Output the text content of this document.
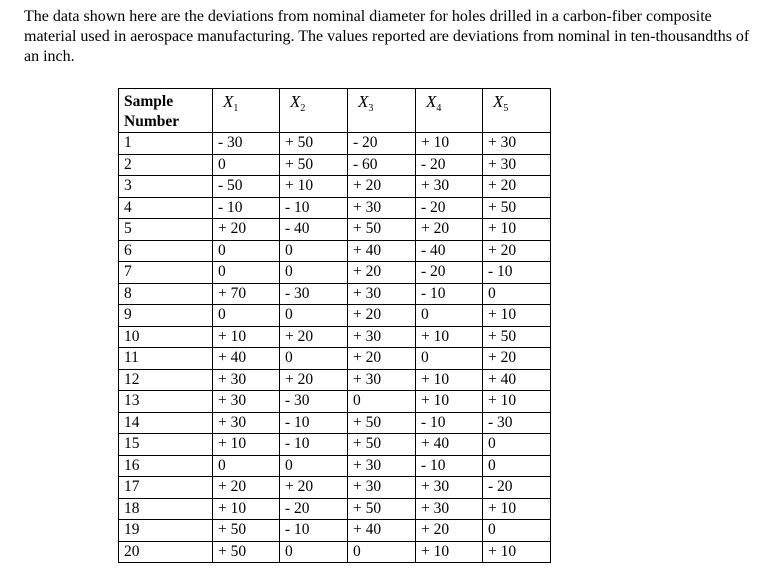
The data shown here are the deviations from nominal diameter for holes drilled in a carbon-fiber composite material used in aerospace manufacturing. The values reported are deviations from nominal in ten-thousandths of an inch.

Sample
Number	$X_1$	$X_2$	$X_3$	$X_4$	$X_5$
1	- 30	+ 50	- 20	+ 10	+ 30
2	0	+ 50	- 60	- 20	+ 30
3	- 50	+ 10	+ 20	+ 30	+ 20
4	- 10	- 10	+ 30	- 20	+ 50
5	+ 20	- 40	+ 50	+ 20	+ 10
6	0	0	+ 40	- 40	+ 20
7	0	0	+ 20	- 20	- 10
8	+ 70	- 30	+ 30	- 10	0
9	0	0	+ 20	0	+ 10
10	+ 10	+ 20	+ 30	+ 10	+ 50
11	+ 40	0	+ 20	0	+ 20
12	+ 30	+ 20	+ 30	+ 10	+ 40
13	+ 30	- 30	0	+ 10	+ 10
14	+ 30	- 10	+ 50	- 10	- 30
15	+ 10	- 10	+ 50	+ 40	0
16	0	0	+ 30	- 10	0
17	+ 20	+ 20	+ 30	+ 30	- 20
18	+ 10	- 20	+ 50	+ 30	+ 10
19	+ 50	- 10	+ 40	+ 20	0
20	+ 50	0	0	+ 10	+ 10
